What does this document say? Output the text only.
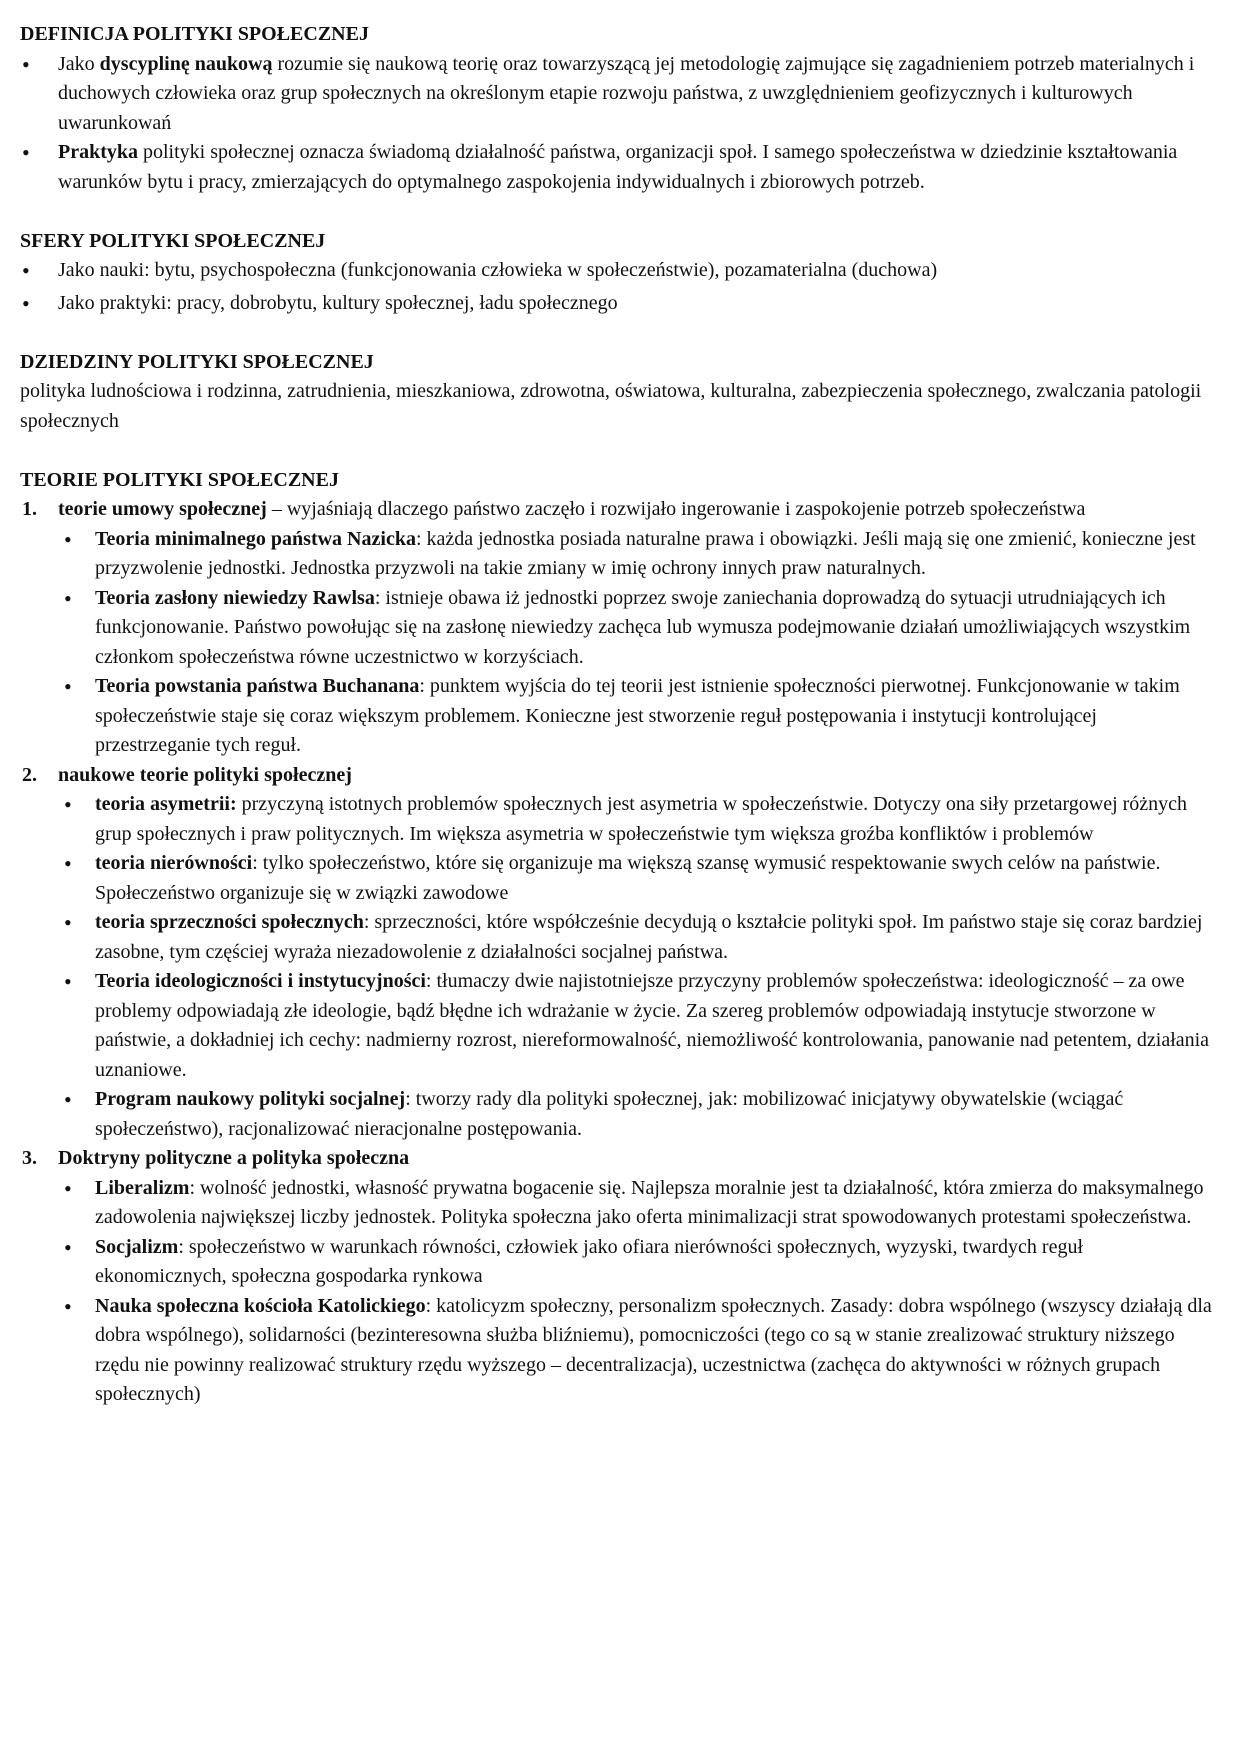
DEFINICJA POLITYKI SPOŁECZNEJ
• Jako dyscyplinę naukową rozumie się naukową teorię oraz towarzyszącą jej metodologię zajmujące się zagadnieniem potrzeb materialnych i duchowych człowieka oraz grup społecznych na określonym etapie rozwoju państwa, z uwzględnieniem geofizycznych i kulturowych uwarunkowań
• Praktyka polityki społecznej oznacza świadomą działalność państwa, organizacji społ. I samego społeczeństwa w dziedzinie kształtowania warunków bytu i pracy, zmierzających do optymalnego zaspokojenia indywidualnych i zbiorowych potrzeb.
SFERY POLITYKI SPOŁECZNEJ
• Jako nauki: bytu, psychospołeczna (funkcjonowania człowieka w społeczeństwie), pozamaterialna (duchowa)
• Jako praktyki: pracy, dobrobytu, kultury społecznej, ładu społecznego
DZIEDZINY POLITYKI SPOŁECZNEJ

polityka ludnościowa i rodzinna, zatrudnienia, mieszkaniowa, zdrowotna, oświatowa, kulturalna, zabezpieczenia społecznego, zwalczania patologii społecznych

TEORIE POLITYKI SPOŁECZNEJ
1. teorie umowy społecznej – wyjaśniają dlaczego państwo zaczęło i rozwijało ingerowanie i zaspokojenie potrzeb społeczeństwa
• Teoria minimalnego państwa Nazicka: każda jednostka posiada naturalne prawa i obowiązki. Jeśli mają się one zmienić, konieczne jest przyzwolenie jednostki. Jednostka przyzwoli na takie zmiany w imię ochrony innych praw naturalnych.
• Teoria zasłony niewiedzy Rawlsa: istnieje obawa iż jednostki poprzez swoje zaniechania doprowadzą do sytuacji utrudniających ich funkcjonowanie. Państwo powołując się na zasłonę niewiedzy zachęca lub wymusza podejmowanie działań umożliwiających wszystkim członkom społeczeństwa równe uczestnictwo w korzyściach.
• Teoria powstania państwa Buchanana: punktem wyjścia do tej teorii jest istnienie społeczności pierwotnej. Funkcjonowanie w takim społeczeństwie staje się coraz większym problemem. Konieczne jest stworzenie reguł postępowania i instytucji kontrolującej przestrzeganie tych reguł.
2. naukowe teorie polityki społecznej
• teoria asymetrii: przyczyną istotnych problemów społecznych jest asymetria w społeczeństwie. Dotyczy ona siły przetargowej różnych grup społecznych i praw politycznych. Im większa asymetria w społeczeństwie tym większa groźba konfliktów i problemów
• teoria nierówności: tylko społeczeństwo, które się organizuje ma większą szansę wymusić respektowanie swych celów na państwie. Społeczeństwo organizuje się w związki zawodowe
• teoria sprzeczności społecznych: sprzeczności, które współcześnie decydują o kształcie polityki społ. Im państwo staje się coraz bardziej zasobne, tym częściej wyraża niezadowolenie z działalności socjalnej państwa.
• Teoria ideologiczności i instytucyjności: tłumaczy dwie najistotniejsze przyczyny problemów społeczeństwa: ideologiczność – za owe problemy odpowiadają złe ideologie, bądź błędne ich wdrażanie w życie. Za szereg problemów odpowiadają instytucje stworzone w państwie, a dokładniej ich cechy: nadmierny rozrost, niereformowalność, niemożliwość kontrolowania, panowanie nad petentem, działania uznaniowe.
• Program naukowy polityki socjalnej: tworzy rady dla polityki społecznej, jak: mobilizować inicjatywy obywatelskie (wciągać społeczeństwo), racjonalizować nieracjonalne postępowania.
3. Doktryny polityczne a polityka społeczna
• Liberalizm: wolność jednostki, własność prywatna bogacenie się. Najlepsza moralnie jest ta działalność, która zmierza do maksymalnego zadowolenia największej liczby jednostek. Polityka społeczna jako oferta minimalizacji strat spowodowanych protestami społeczeństwa.
• Socjalizm: społeczeństwo w warunkach równości, człowiek jako ofiara nierówności społecznych, wyzyski, twardych reguł ekonomicznych, społeczna gospodarka rynkowa
• Nauka społeczna kościoła Katolickiego: katolicyzm społeczny, personalizm społecznych. Zasady: dobra wspólnego (wszyscy działają dla dobra wspólnego), solidarności (bezinteresowna służba bliźniemu), pomocniczości (tego co są w stanie zrealizować struktury niższego rzędu nie powinny realizować struktury rzędu wyższego – decentralizacja), uczestnictwa (zachęca do aktywności w różnych grupach społecznych)
